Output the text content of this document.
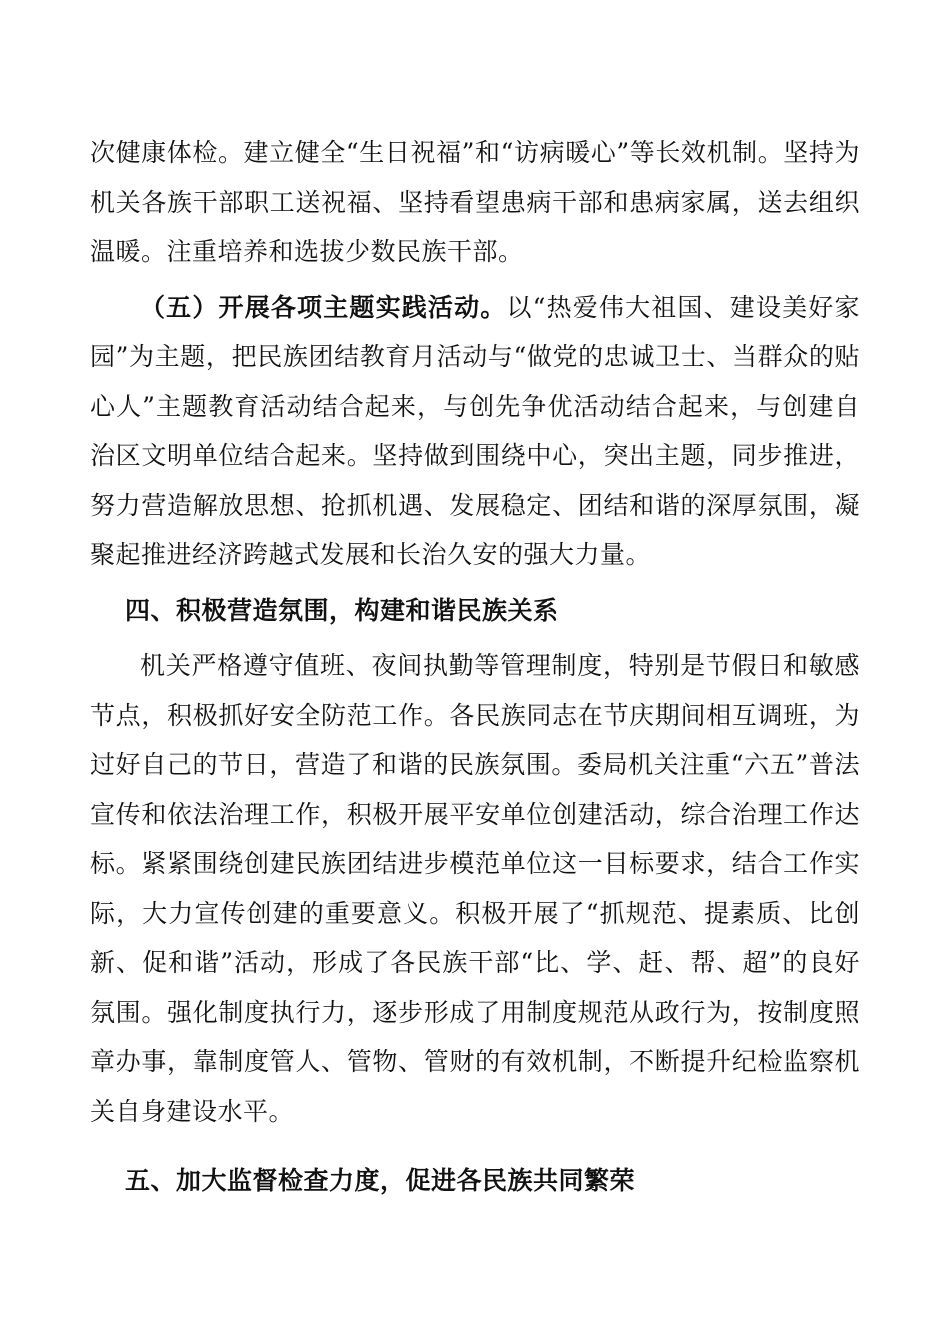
次健康体检。建立健全“生日祝福”和“访病暖心”等长效机制。坚持为机关各族干部职工送祝福、坚持看望患病干部和患病家属，送去组织温暖。注重培养和选拔少数民族干部。

（五）开展各项主题实践活动。以“热爱伟大祖国、建设美好家园”为主题，把民族团结教育月活动与“做党的忠诚卫士、当群众的贴心人”主题教育活动结合起来，与创先争优活动结合起来，与创建自治区文明单位结合起来。坚持做到围绕中心，突出主题，同步推进，努力营造解放思想、抢抓机遇、发展稳定、团结和谐的深厚氛围，凝聚起推进经济跨越式发展和长治久安的强大力量。

四、积极营造氛围，构建和谐民族关系

机关严格遵守值班、夜间执勤等管理制度，特别是节假日和敏感节点，积极抓好安全防范工作。各民族同志在节庆期间相互调班，为过好自己的节日，营造了和谐的民族氛围。委局机关注重“六五”普法宣传和依法治理工作，积极开展平安单位创建活动，综合治理工作达标。紧紧围绕创建民族团结进步模范单位这一目标要求，结合工作实际，大力宣传创建的重要意义。积极开展了“抓规范、提素质、比创新、促和谐”活动，形成了各民族干部“比、学、赶、帮、超”的良好氛围。强化制度执行力，逐步形成了用制度规范从政行为，按制度照章办事，靠制度管人、管物、管财的有效机制，不断提升纪检监察机关自身建设水平。

五、加大监督检查力度，促进各民族共同繁荣
